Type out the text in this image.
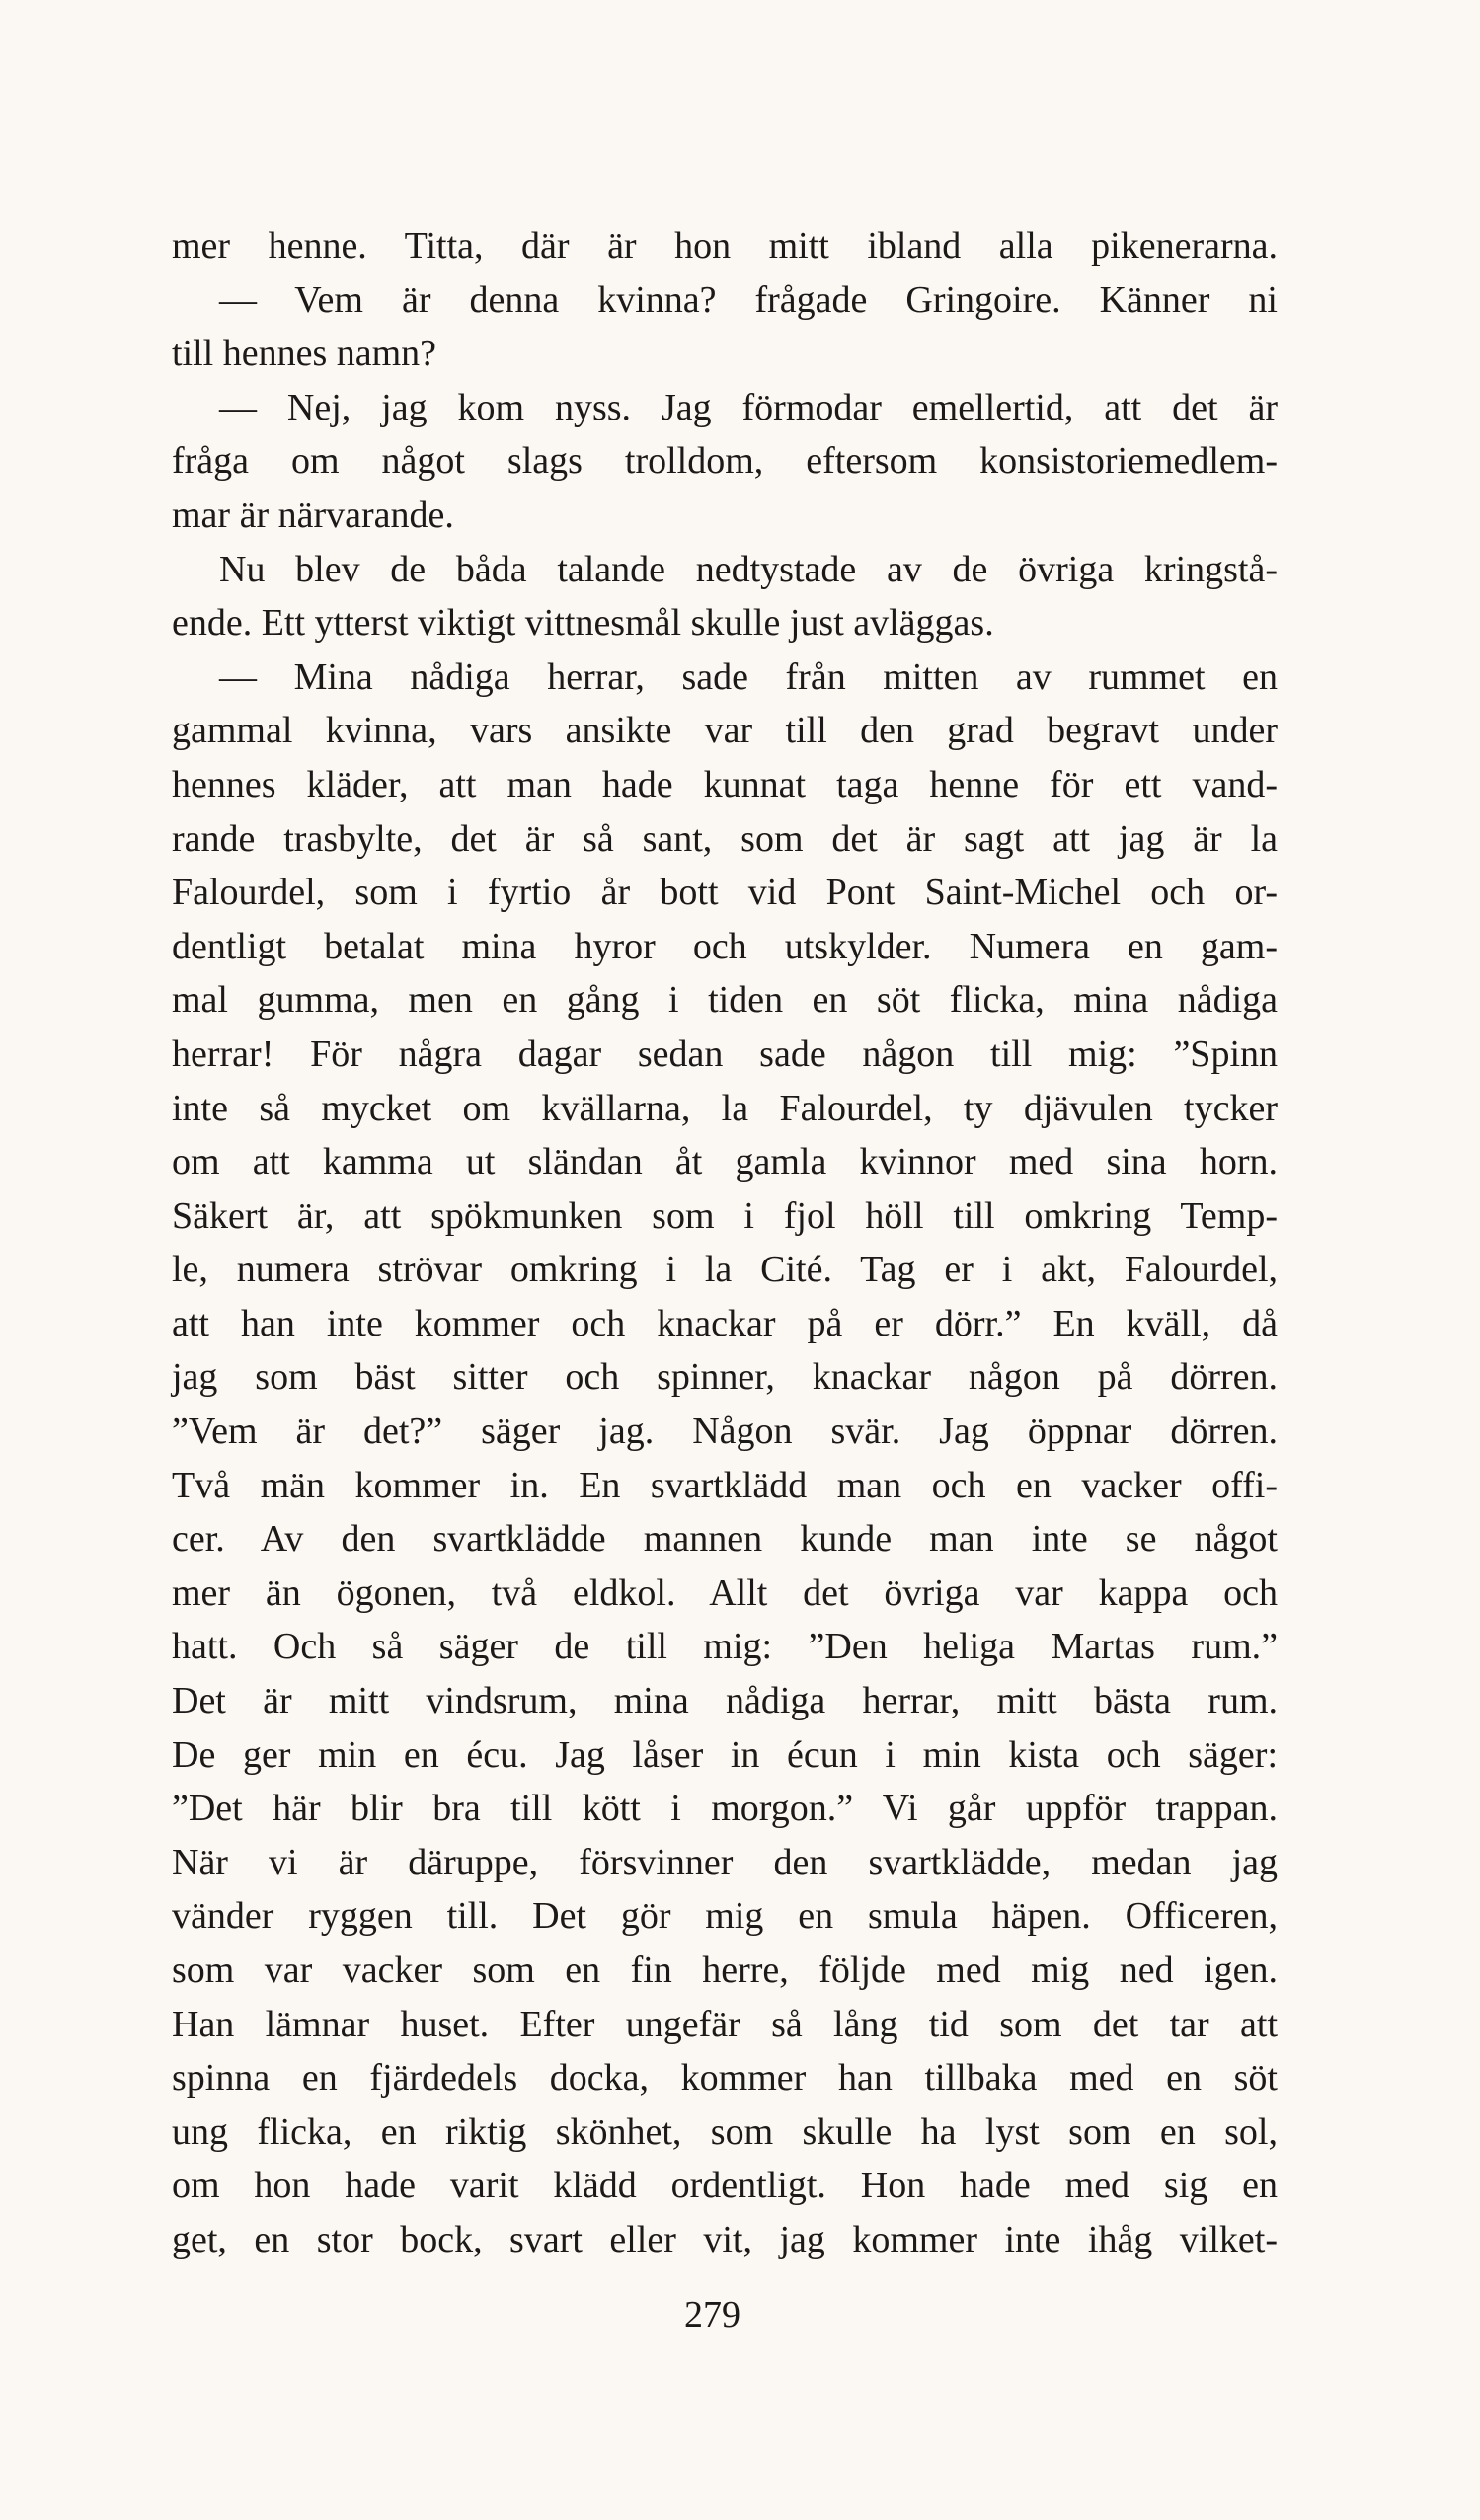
mer henne. Titta, där är hon mitt ibland alla pikenerarna.
— Vem är denna kvinna? frågade Gringoire. Känner ni
till hennes namn?
— Nej, jag kom nyss. Jag förmodar emellertid, att det är
fråga om något slags trolldom, eftersom konsistoriemedlem-
mar är närvarande.
Nu blev de båda talande nedtystade av de övriga kringstå-
ende. Ett ytterst viktigt vittnesmål skulle just avläggas.
— Mina nådiga herrar, sade från mitten av rummet en
gammal kvinna, vars ansikte var till den grad begravt under
hennes kläder, att man hade kunnat taga henne för ett vand-
rande trasbylte, det är så sant, som det är sagt att jag är la
Falourdel, som i fyrtio år bott vid Pont Saint-Michel och or-
dentligt betalat mina hyror och utskylder. Numera en gam-
mal gumma, men en gång i tiden en söt flicka, mina nådiga
herrar! För några dagar sedan sade någon till mig: ”Spinn
inte så mycket om kvällarna, la Falourdel, ty djävulen tycker
om att kamma ut sländan åt gamla kvinnor med sina horn.
Säkert är, att spökmunken som i fjol höll till omkring Temp-
le, numera strövar omkring i la Cité. Tag er i akt, Falourdel,
att han inte kommer och knackar på er dörr.” En kväll, då
jag som bäst sitter och spinner, knackar någon på dörren.
”Vem är det?” säger jag. Någon svär. Jag öppnar dörren.
Två män kommer in. En svartklädd man och en vacker offi-
cer. Av den svartklädde mannen kunde man inte se något
mer än ögonen, två eldkol. Allt det övriga var kappa och
hatt. Och så säger de till mig: ”Den heliga Martas rum.”
Det är mitt vindsrum, mina nådiga herrar, mitt bästa rum.
De ger min en écu. Jag låser in écun i min kista och säger:
”Det här blir bra till kött i morgon.” Vi går uppför trappan.
När vi är däruppe, försvinner den svartklädde, medan jag
vänder ryggen till. Det gör mig en smula häpen. Officeren,
som var vacker som en fin herre, följde med mig ned igen.
Han lämnar huset. Efter ungefär så lång tid som det tar att
spinna en fjärdedels docka, kommer han tillbaka med en söt
ung flicka, en riktig skönhet, som skulle ha lyst som en sol,
om hon hade varit klädd ordentligt. Hon hade med sig en
get, en stor bock, svart eller vit, jag kommer inte ihåg vilket-
279
